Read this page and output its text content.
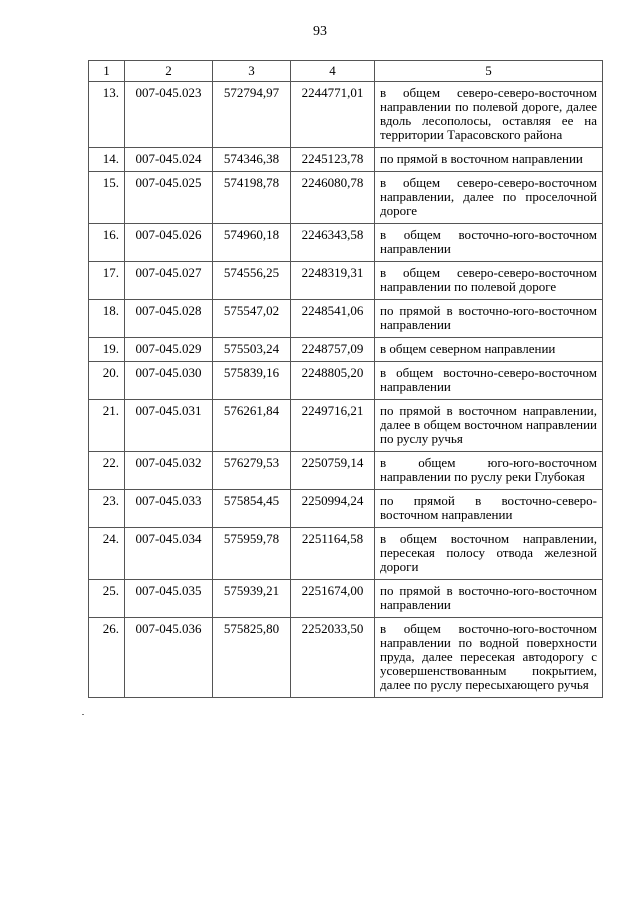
93
1	2	3	4	5
13.	007-045.023	572794,97	2244771,01	в общем северо-северо-восточном направлении по полевой дороге, далее вдоль лесополосы, оставляя ее на территории Тарасовского района
14.	007-045.024	574346,38	2245123,78	по прямой в восточном направлении
15.	007-045.025	574198,78	2246080,78	в общем северо-северо-восточном направлении, далее по проселочной дороге
16.	007-045.026	574960,18	2246343,58	в общем восточно-юго-восточном направлении
17.	007-045.027	574556,25	2248319,31	в общем северо-северо-восточном направлении по полевой дороге
18.	007-045.028	575547,02	2248541,06	по прямой в восточно-юго-восточном направлении
19.	007-045.029	575503,24	2248757,09	в общем северном направлении
20.	007-045.030	575839,16	2248805,20	в общем восточно-северо-восточном направлении
21.	007-045.031	576261,84	2249716,21	по прямой в восточном направлении, далее в общем восточном направлении по руслу ручья
22.	007-045.032	576279,53	2250759,14	в общем юго-юго-восточном направлении по руслу реки Глубокая
23.	007-045.033	575854,45	2250994,24	по прямой в восточно-северо-восточном направлении
24.	007-045.034	575959,78	2251164,58	в общем восточном направлении, пересекая полосу отвода железной дороги
25.	007-045.035	575939,21	2251674,00	по прямой в восточно-юго-восточном направлении
26.	007-045.036	575825,80	2252033,50	в общем восточно-юго-восточном направлении по водной поверхности пруда, далее пересекая автодорогу с усовершенствованным покрытием, далее по руслу пересыхающего ручья
